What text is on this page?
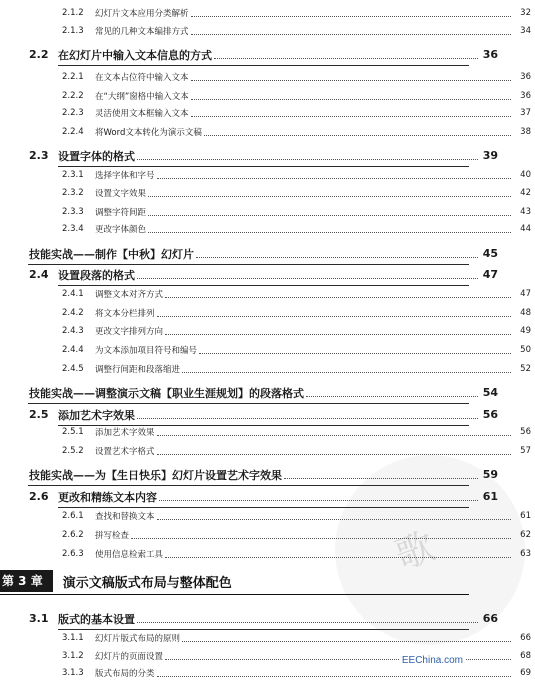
歌
2.1.2	幻灯片文本应用分类解析	32
2.1.3	常见的几种文本编排方式	34
2.2 在幻灯片中输入文本信息的方式	36
2.2.1	在文本占位符中输入文本	36
2.2.2	在“大纲”窗格中输入文本	36
2.2.3	灵活使用文本框输入文本	37
2.2.4	将Word文本转化为演示文稿	38
2.3 设置字体的格式	39
2.3.1	选择字体和字号	40
2.3.2	设置文字效果	42
2.3.3	调整字符间距	43
2.3.4	更改字体颜色	44
技能实战——制作【中秋】幻灯片	45
2.4 设置段落的格式	47
2.4.1	调整文本对齐方式	47
2.4.2	将文本分栏排列	48
2.4.3	更改文字排列方向	49
2.4.4	为文本添加项目符号和编号	50
2.4.5	调整行间距和段落缩进	52
技能实战——调整演示文稿【职业生涯规划】的段落格式	54
2.5 添加艺术字效果	56
2.5.1	添加艺术字效果	56
2.5.2	设置艺术字格式	57
技能实战——为【生日快乐】幻灯片设置艺术字效果	59
2.6 更改和精练文本内容	61
2.6.1	查找和替换文本	61
2.6.2	拼写检查	62
2.6.3	使用信息检索工具	63
3.1 版式的基本设置	66
3.1.1	幻灯片版式布局的原则	66
3.1.2	幻灯片的页面设置	68
3.1.3	版式布局的分类	69
第 3 章	演示文稿版式布局与整体配色
EEChina.com
